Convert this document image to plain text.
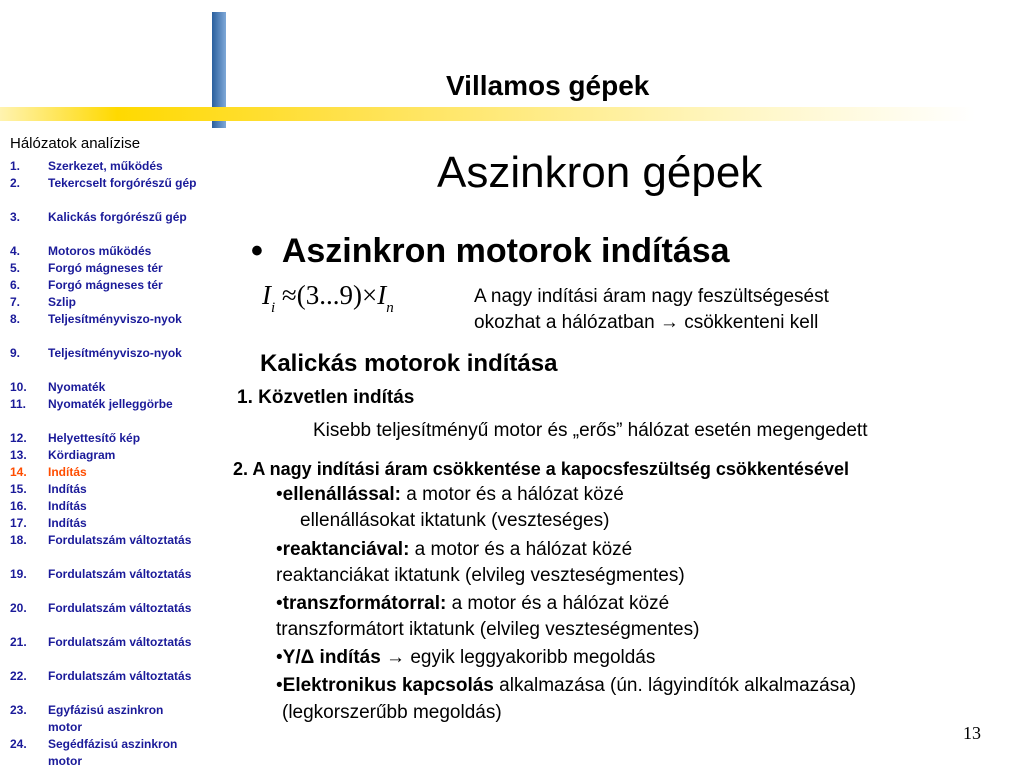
Villamos gépek
Aszinkron gépek
Hálózatok analízise
1.	Szerkezet, működés
2.	Tekercselt forgórészű gép
3.	Kalickás forgórészű gép
4.	Motoros működés
5.	Forgó mágneses tér
6.	Forgó mágneses tér
7.	Szlip
8.	Teljesítményviszo-nyok
9.	Teljesítményviszo-nyok
10.	Nyomaték
11.	Nyomaték jelleggörbe
12.	Helyettesítő kép
13.	Kördiagram
14.	Indítás
15.	Indítás
16.	Indítás
17.	Indítás
18.	Fordulatszám változtatás
19.	Fordulatszám változtatás
20.	Fordulatszám változtatás
21.	Fordulatszám változtatás
22.	Fordulatszám változtatás
23.	Egyfázisú aszinkron motor
24.	Segédfázisú aszinkron motor
• Aszinkron motorok indítása
$I_i \approx(3...9)\times I_n$
A nagy indítási áram nagy feszültségesést
okozhat a hálózatban → csökkenteni kell
Kalickás motorok indítása
1. Közvetlen indítás
Kisebb teljesítményű motor és „erős” hálózat esetén megengedett
2. A nagy indítási áram csökkentése a kapocsfeszültség csökkentésével
•ellenállással: a motor és a hálózat közé
ellenállásokat iktatunk (veszteséges)
•reaktanciával: a motor és a hálózat közé
reaktanciákat iktatunk (elvileg veszteségmentes)
•transzformátorral: a motor és a hálózat közé
transzformátort iktatunk (elvileg veszteségmentes)
•Y/Δ indítás → egyik leggyakoribb megoldás
•Elektronikus kapcsolás alkalmazása (ún. lágyindítók alkalmazása)
(legkorszerűbb megoldás)
13
